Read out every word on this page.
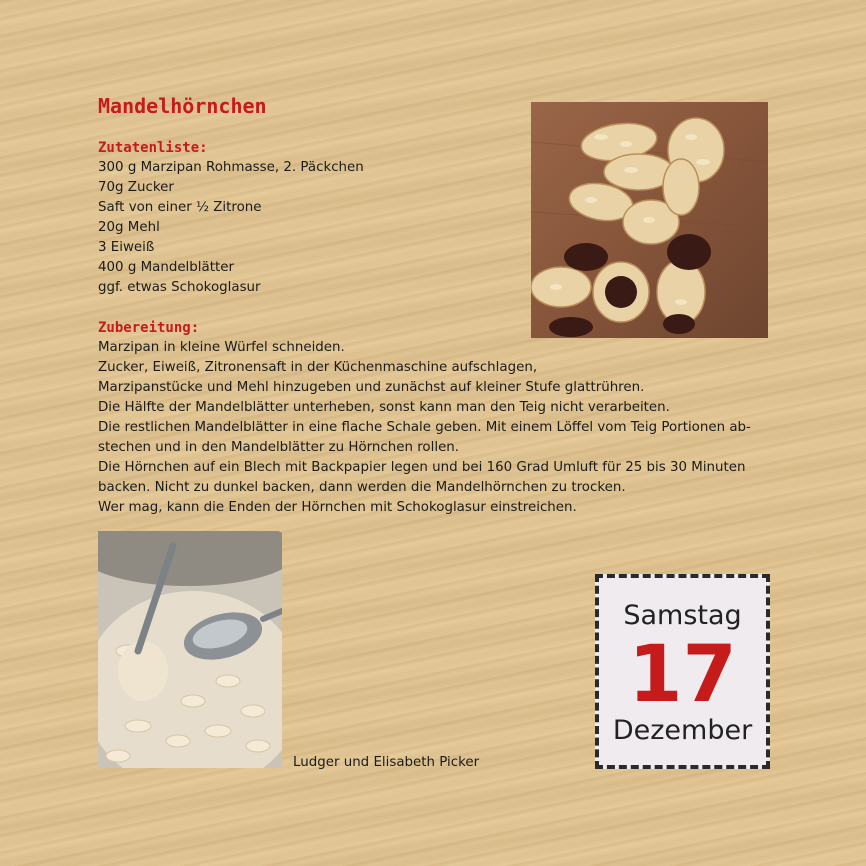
Mandelhörnchen
Zutatenliste:
300 g Marzipan Rohmasse, 2. Päckchen
70g Zucker
Saft von einer ½ Zitrone
20g Mehl
3 Eiweiß
400 g Mandelblätter
ggf. etwas Schokoglasur
Zubereitung:
Marzipan in kleine Würfel schneiden.
Zucker, Eiweiß, Zitronensaft in der Küchenmaschine aufschlagen,
Marzipanstücke und Mehl hinzugeben und zunächst auf kleiner Stufe glattrühren.
Die Hälfte der Mandelblätter unterheben, sonst kann man den Teig nicht verarbeiten.
Die restlichen Mandelblätter in eine flache Schale geben. Mit einem Löffel vom Teig Portionen ab-
stechen und in den Mandelblätter zu Hörnchen rollen.
Die Hörnchen auf ein Blech mit Backpapier legen und bei 160 Grad Umluft für 25 bis 30 Minuten
backen. Nicht zu dunkel backen, dann werden die Mandelhörnchen zu trocken.
Wer mag, kann die Enden der Hörnchen mit Schokoglasur einstreichen.
Ludger und Elisabeth Picker
Samstag
17
Dezember
